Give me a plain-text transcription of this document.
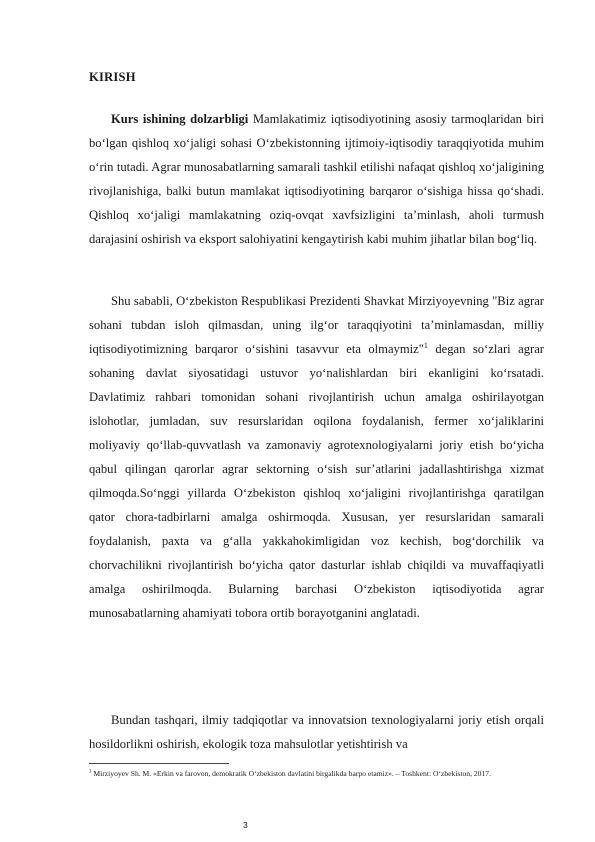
KIRISH

Kurs ishining dolzarbligi Mamlakatimiz iqtisodiyotining asosiy tarmoqlaridan biri bo‘lgan qishloq xo‘jaligi sohasi O‘zbekistonning ijtimoiy-iqtisodiy taraqqiyotida muhim o‘rin tutadi. Agrar munosabatlarning samarali tashkil etilishi nafaqat qishloq xo‘jaligining rivojlanishiga, balki butun mamlakat iqtisodiyotining barqaror o‘sishiga hissa qo‘shadi. Qishloq xo‘jaligi mamlakatning oziq-ovqat xavfsizligini ta’minlash, aholi turmush darajasini oshirish va eksport salohiyatini kengaytirish kabi muhim jihatlar bilan bog‘liq.

Shu sababli, O‘zbekiston Respublikasi Prezidenti Shavkat Mirziyoyevning "Biz agrar sohani tubdan isloh qilmasdan, uning ilg‘or taraqqiyotini ta’minlamasdan, milliy iqtisodiyotimizning barqaror o‘sishini tasavvur eta olmaymiz"$^1$ degan so‘zlari agrar sohaning davlat siyosatidagi ustuvor yo‘nalishlardan biri ekanligini ko‘rsatadi. Davlatimiz rahbari tomonidan sohani rivojlantirish uchun amalga oshirilayotgan islohotlar, jumladan, suv resurslaridan oqilona foydalanish, fermer xo‘jaliklarini moliyaviy qo‘llab-quvvatlash va zamonaviy agrotexnologiyalarni joriy etish bo‘yicha qabul qilingan qarorlar agrar sektorning o‘sish sur’atlarini jadallashtirishga xizmat qilmoqda.So‘nggi yillarda O‘zbekiston qishloq xo‘jaligini rivojlantirishga qaratilgan qator chora-tadbirlarni amalga oshirmoqda. Xususan, yer resurslaridan samarali foydalanish, paxta va g‘alla yakkahokimligidan voz kechish, bog‘dorchilik va chorvachilikni rivojlantirish bo‘yicha qator dasturlar ishlab chiqildi va muvaffaqiyatli amalga oshirilmoqda. Bularning barchasi O‘zbekiston iqtisodiyotida agrar munosabatlarning ahamiyati tobora ortib borayotganini anglatadi.

Bundan tashqari, ilmiy tadqiqotlar va innovatsion texnologiyalarni joriy etish orqali hosildorlikni oshirish, ekologik toza mahsulotlar yetishtirish va

$^1$ Mirziyoyev Sh. M. «Erkin va farovon, demokratik O‘zbekiston davlatini birgalikda barpo etamiz». – Toshkent: O‘zbekiston, 2017.

3
